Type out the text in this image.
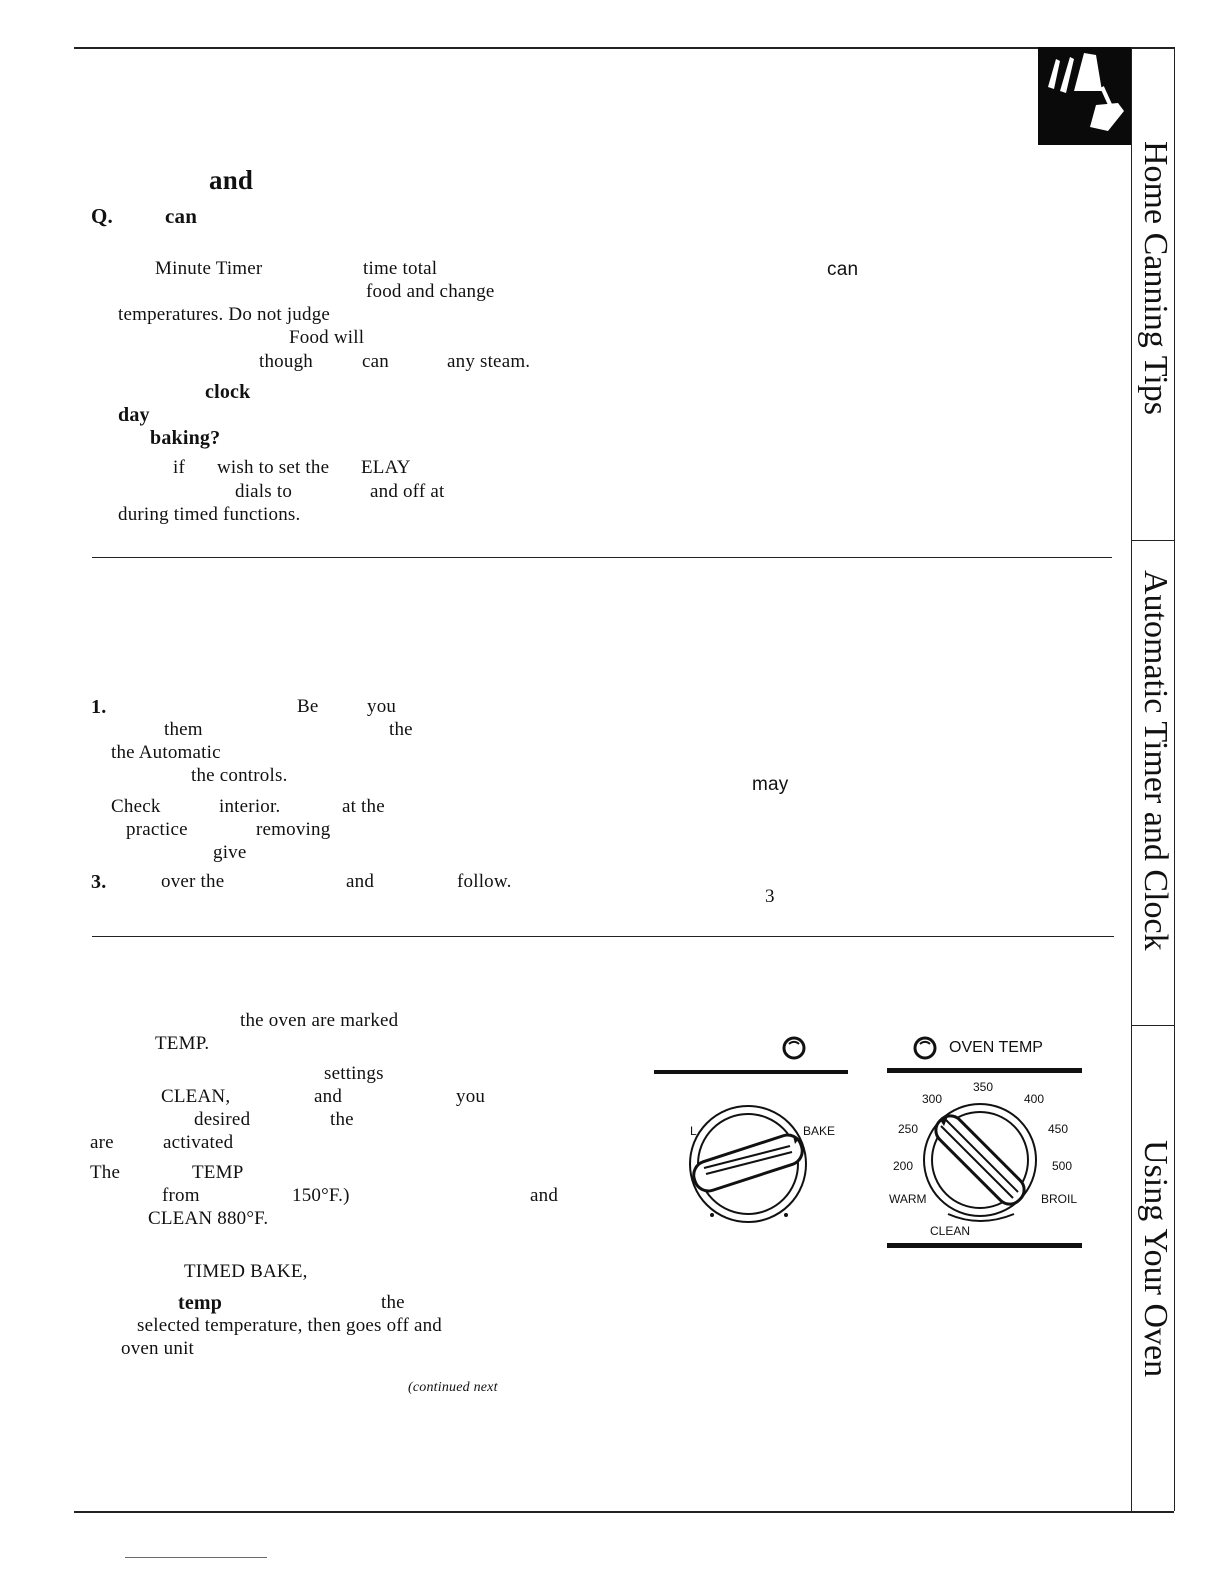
Home Canning Tips
Automatic Timer and Clock
Using Your Oven
and
Q. can
Minute Timer	time total	can
food and change
temperatures. Do not judge
Food will
though	can	any steam.
clock
day
baking?
if wish to set the ELAY
dials to	and off at
during timed functions.
1.	Be	you
them	the
the Automatic
the controls.	may
Check	interior.	at the
practice	removing
give
3.	over the	and	follow.
3
the oven are marked
TEMP.
settings
CLEAN,	and	you
desired	the
are	activated
The	TEMP
from	150°F.)	and
CLEAN 880°F.
TIMED BAKE,
temp	the
selected temperature, then goes off and
oven unit
(continued next
L	BAKE
OVEN TEMP
350
300	400
250	450
200	500
WARM	BROIL
CLEAN
